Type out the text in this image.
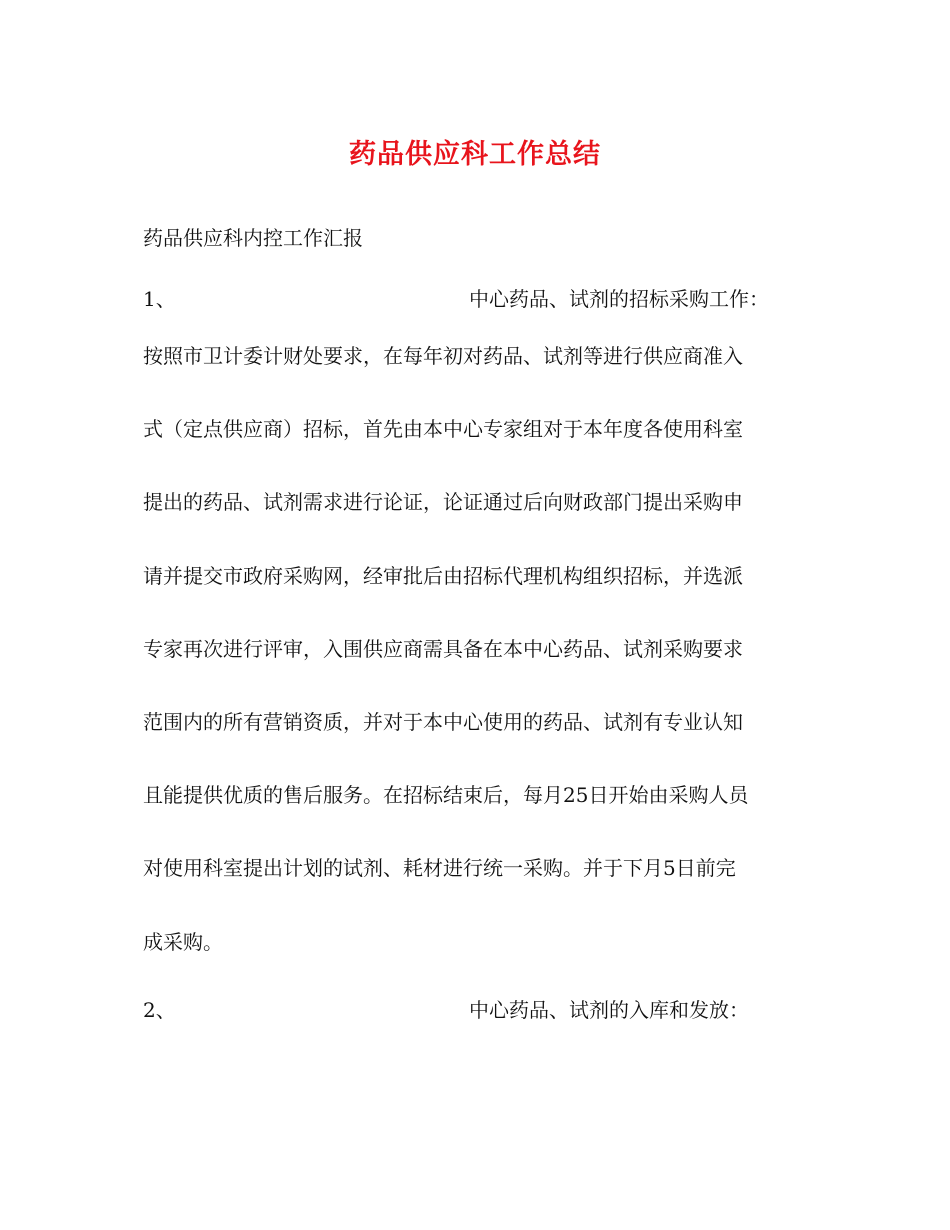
药品供应科工作总结
药品供应科内控工作汇报
1、	中心药品、试剂的招标采购工作：
按照市卫计委计财处要求，在每年初对药品、试剂等进行供应商准入
式（定点供应商）招标，首先由本中心专家组对于本年度各使用科室
提出的药品、试剂需求进行论证，论证通过后向财政部门提出采购申
请并提交市政府采购网，经审批后由招标代理机构组织招标，并选派
专家再次进行评审，入围供应商需具备在本中心药品、试剂采购要求
范围内的所有营销资质，并对于本中心使用的药品、试剂有专业认知
且能提供优质的售后服务。在招标结束后，每月25日开始由采购人员
对使用科室提出计划的试剂、耗材进行统一采购。并于下月5日前完
成采购。
2、	中心药品、试剂的入库和发放：
